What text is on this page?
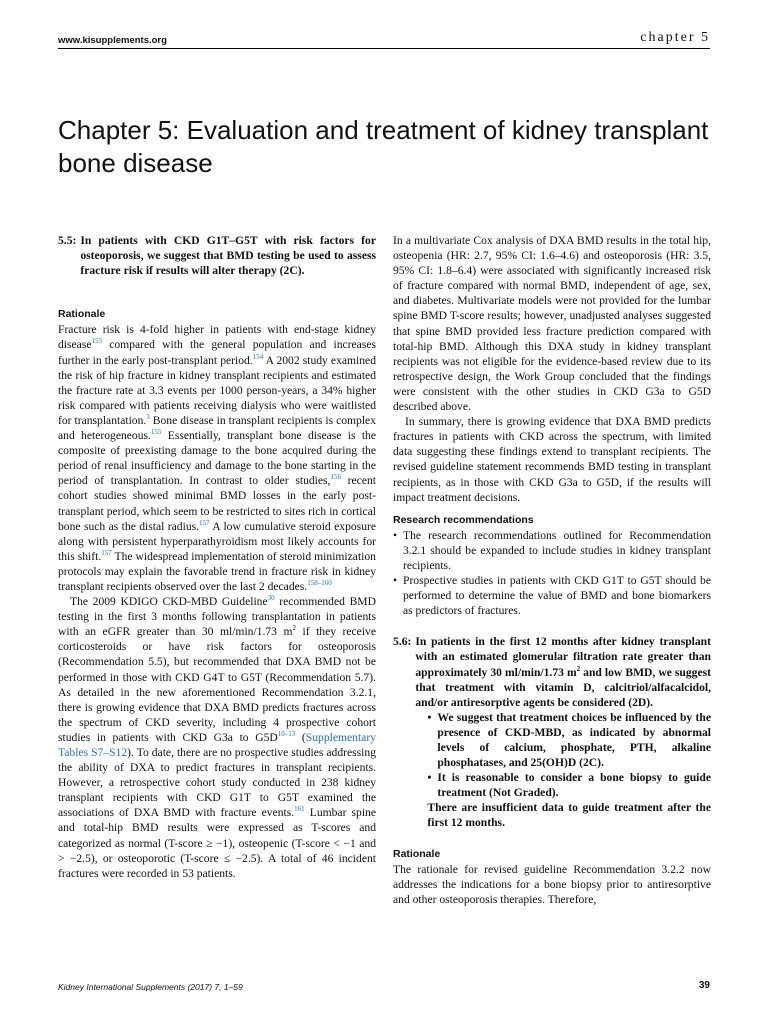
www.kisupplements.org	chapter 5
Chapter 5: Evaluation and treatment of kidney transplant bone disease
5.5: In patients with CKD G1T–G5T with risk factors for osteoporosis, we suggest that BMD testing be used to assess fracture risk if results will alter therapy (2C).

Rationale

Fracture risk is 4-fold higher in patients with end-stage kidney disease$^{153}$ compared with the general population and increases further in the early post-transplant period.$^{154}$ A 2002 study examined the risk of hip fracture in kidney transplant recipients and estimated the fracture rate at 3.3 events per 1000 person-years, a 34% higher risk compared with patients receiving dialysis who were waitlisted for transplantation.$^3$ Bone disease in transplant recipients is complex and heterogeneous.$^{155}$ Essentially, transplant bone disease is the composite of preexisting damage to the bone acquired during the period of renal insufficiency and damage to the bone starting in the period of transplantation. In contrast to older studies,$^{156}$ recent cohort studies showed minimal BMD losses in the early post-transplant period, which seem to be restricted to sites rich in cortical bone such as the distal radius.$^{157}$ A low cumulative steroid exposure along with persistent hyperparathyroidism most likely accounts for this shift.$^{157}$ The widespread implementation of steroid minimization protocols may explain the favorable trend in fracture risk in kidney transplant recipients observed over the last 2 decades.$^{158-160}$

The 2009 KDIGO CKD-MBD Guideline$^{30}$ recommended BMD testing in the first 3 months following transplantation in patients with an eGFR greater than 30 ml/min/1.73 $m^2$ if they receive corticosteroids or have risk factors for osteoporosis (Recommendation 5.5), but recommended that DXA BMD not be performed in those with CKD G4T to G5T (Recommendation 5.7). As detailed in the new aforementioned Recommendation 3.2.1, there is growing evidence that DXA BMD predicts fractures across the spectrum of CKD severity, including 4 prospective cohort studies in patients with CKD G3a to $G5D^{10-13}$ (Supplementary Tables S7–S12). To date, there are no prospective studies addressing the ability of DXA to predict fractures in transplant recipients. However, a retrospective cohort study conducted in 238 kidney transplant recipients with CKD G1T to G5T examined the associations of DXA BMD with fracture events.$^{161}$ Lumbar spine and total-hip BMD results were expressed as T-scores and categorized as normal (T-score ≥ −1), osteopenic (T-score < −1 and > −2.5), or osteoporotic (T-score ≤ −2.5). A total of 46 incident fractures were recorded in 53 patients.

In a multivariate Cox analysis of DXA BMD results in the total hip, osteopenia (HR: 2.7, 95% CI: 1.6–4.6) and osteoporosis (HR: 3.5, 95% CI: 1.8–6.4) were associated with significantly increased risk of fracture compared with normal BMD, independent of age, sex, and diabetes. Multivariate models were not provided for the lumbar spine BMD T-score results; however, unadjusted analyses suggested that spine BMD provided less fracture prediction compared with total-hip BMD. Although this DXA study in kidney transplant recipients was not eligible for the evidence-based review due to its retrospective design, the Work Group concluded that the findings were consistent with the other studies in CKD G3a to G5D described above.

In summary, there is growing evidence that DXA BMD predicts fractures in patients with CKD across the spectrum, with limited data suggesting these findings extend to transplant recipients. The revised guideline statement recommends BMD testing in transplant recipients, as in those with CKD G3a to G5D, if the results will impact treatment decisions.

Research recommendations

• The research recommendations outlined for Recommendation 3.2.1 should be expanded to include studies in kidney transplant recipients.
• Prospective studies in patients with CKD G1T to G5T should be performed to determine the value of BMD and bone biomarkers as predictors of fractures.
5.6: In patients in the first 12 months after kidney transplant with an estimated glomerular filtration rate greater than approximately 30 ml/min/1.73 $m^2$ and low BMD, we suggest that treatment with vitamin D, calcitriol/alfacalcidol, and/or antiresorptive agents be considered (2D).
• We suggest that treatment choices be influenced by the presence of CKD-MBD, as indicated by abnormal levels of calcium, phosphate, PTH, alkaline phosphatases, and 25(OH)D (2C).
• It is reasonable to consider a bone biopsy to guide treatment (Not Graded).
There are insufficient data to guide treatment after the first 12 months.

Rationale

The rationale for revised guideline Recommendation 3.2.2 now addresses the indications for a bone biopsy prior to antiresorptive and other osteoporosis therapies. Therefore,

Kidney International Supplements (2017) 7, 1–59	39
